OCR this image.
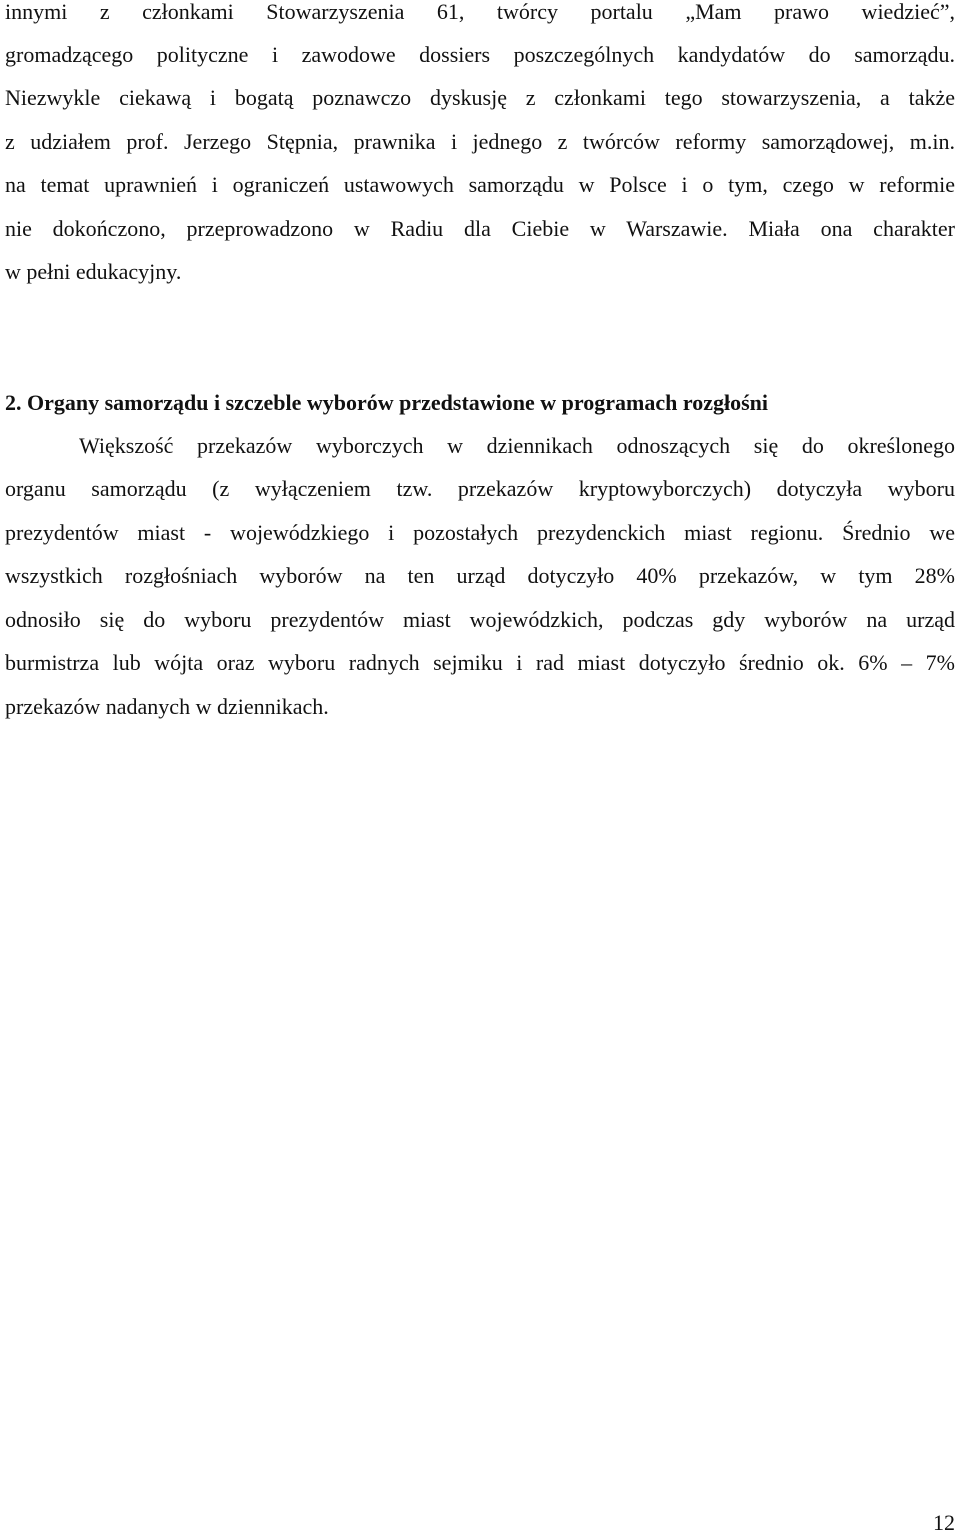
innymi z członkami Stowarzyszenia 61, twórcy portalu „Mam prawo wiedzieć”,
gromadzącego polityczne i zawodowe dossiers poszczególnych kandydatów do samorządu.
Niezwykle ciekawą i bogatą poznawczo dyskusję z członkami tego stowarzyszenia, a także
z udziałem prof. Jerzego Stępnia, prawnika i jednego z twórców reformy samorządowej, m.in.
na temat uprawnień i ograniczeń ustawowych samorządu w Polsce i o tym, czego w reformie
nie dokończono, przeprowadzono w Radiu dla Ciebie w Warszawie. Miała ona charakter
w pełni edukacyjny.
2. Organy samorządu i szczeble wyborów przedstawione w programach rozgłośni
Większość przekazów wyborczych w dziennikach odnoszących się do określonego
organu samorządu (z wyłączeniem tzw. przekazów kryptowyborczych) dotyczyła wyboru
prezydentów miast - wojewódzkiego i pozostałych prezydenckich miast regionu. Średnio we
wszystkich rozgłośniach wyborów na ten urząd dotyczyło 40% przekazów, w tym 28%
odnosiło się do wyboru prezydentów miast wojewódzkich, podczas gdy wyborów na urząd
burmistrza lub wójta oraz wyboru radnych sejmiku i rad miast dotyczyło średnio ok. 6% – 7%
przekazów nadanych w dziennikach.
12
